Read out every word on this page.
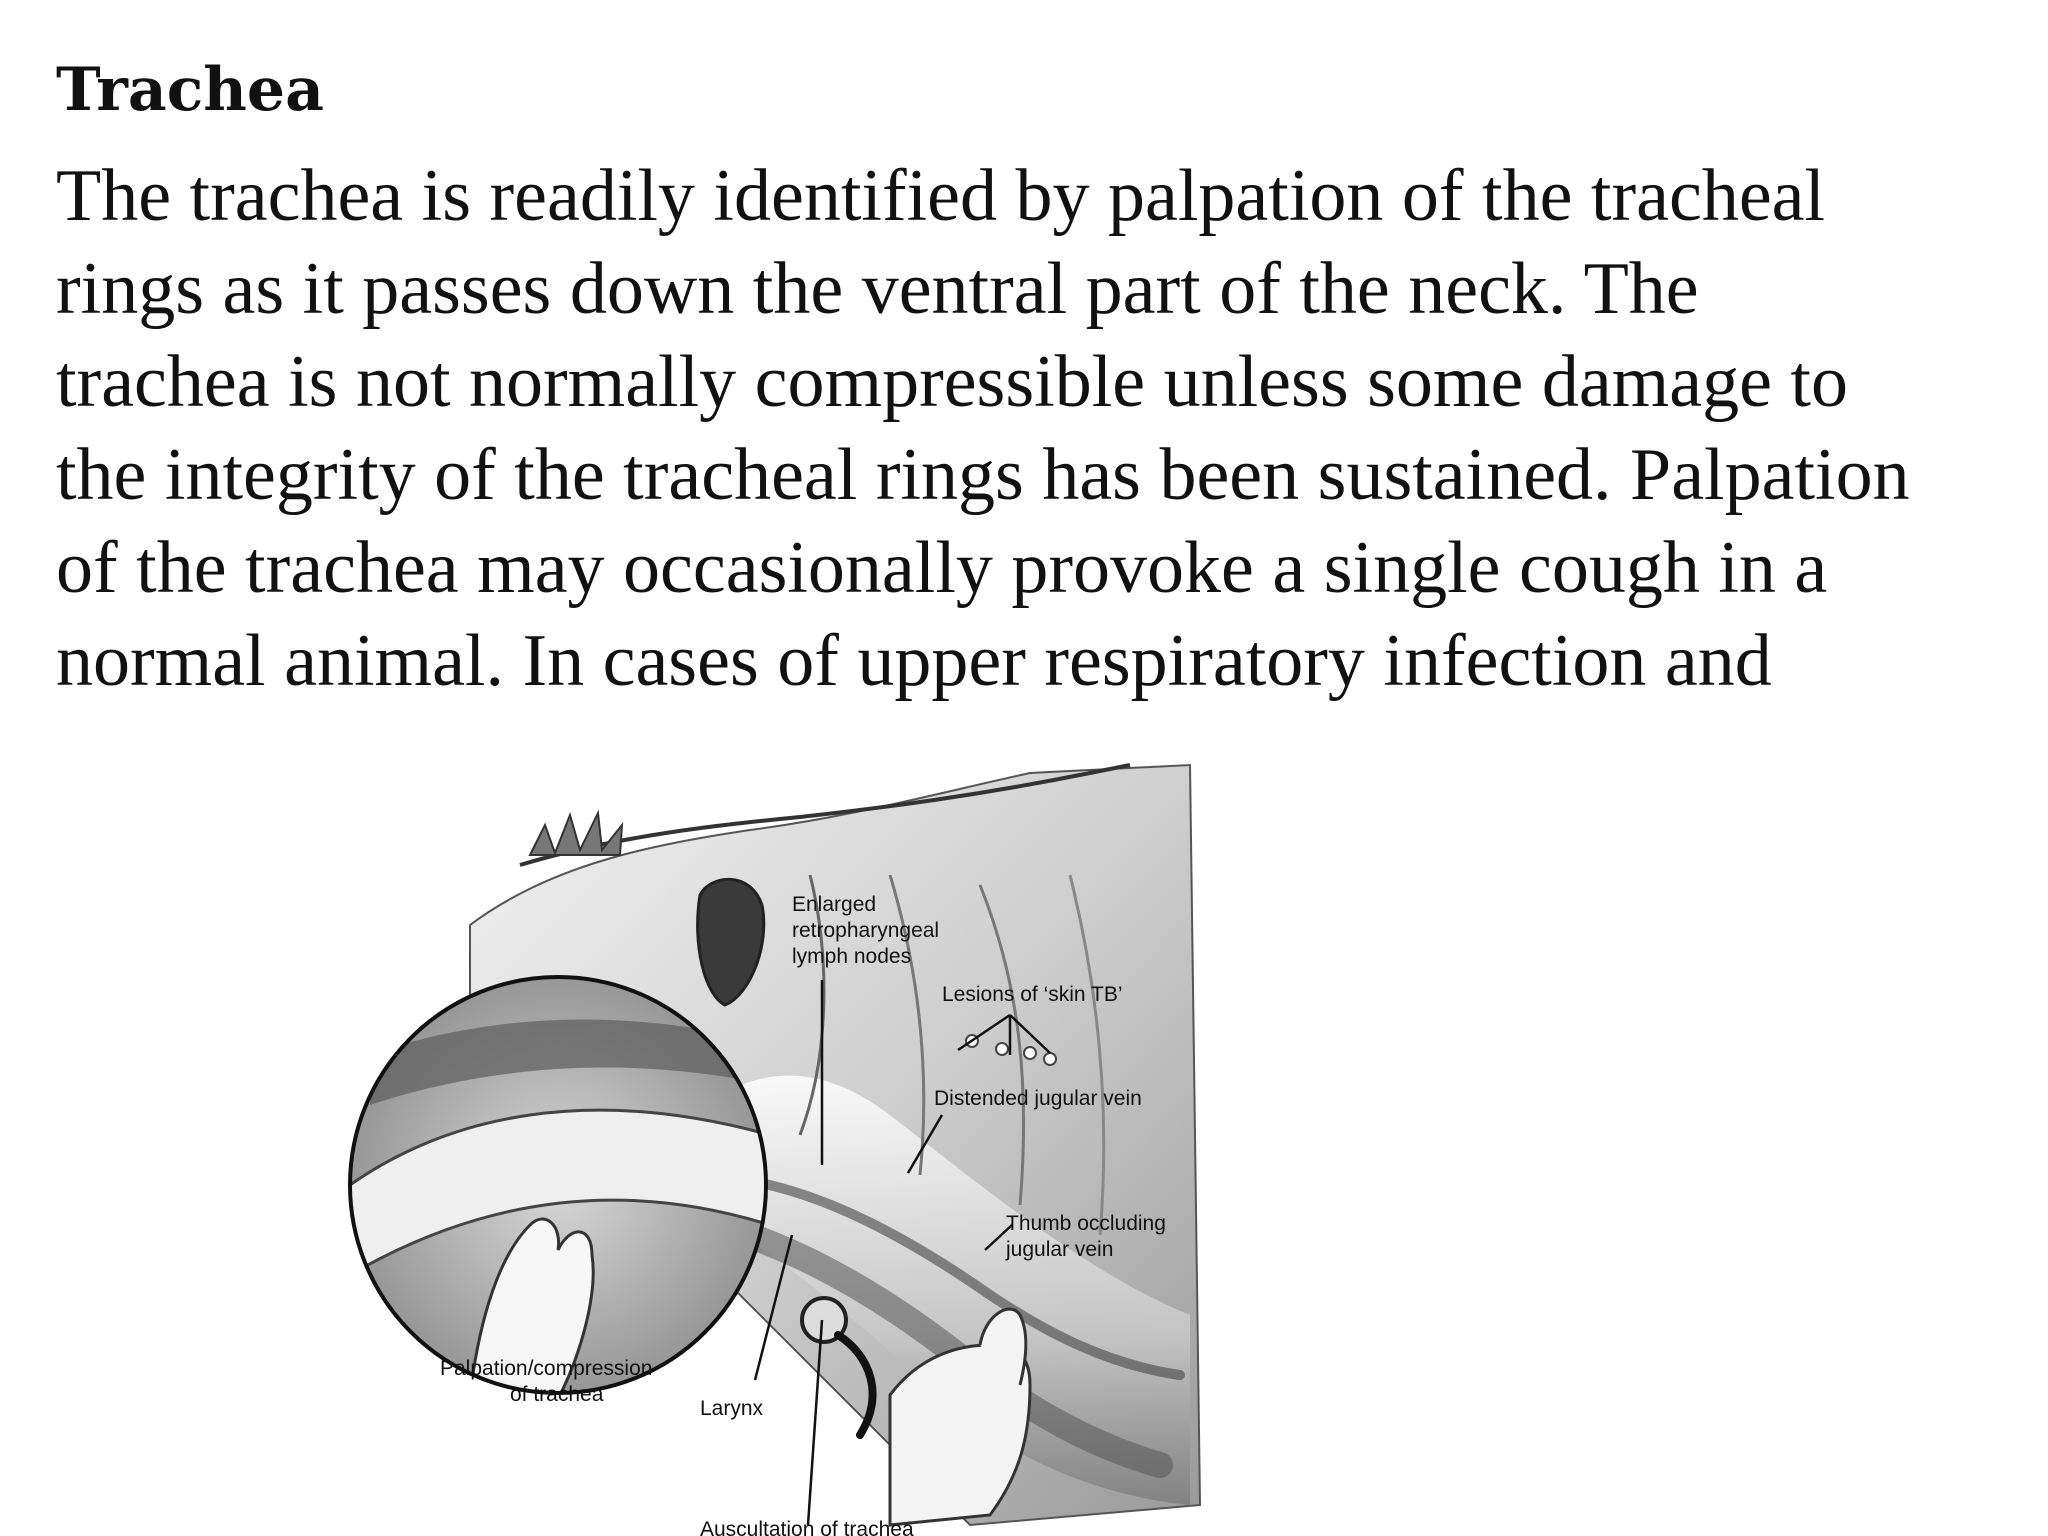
Trachea

The trachea is readily identified by palpation of the tracheal
rings as it passes down the ventral part of the neck. The
trachea is not normally compressible unless some damage to
the integrity of the tracheal rings has been sustained. Palpation
of the trachea may occasionally provoke a single cough in a
normal animal. In cases of upper respiratory infection and

Enlarged
retropharyngeal
lymph nodes
Lesions of ‘skin TB’
Distended jugular vein
Thumb occluding
jugular vein
Palpation/compression
of trachea
Larynx
Auscultation of trachea
